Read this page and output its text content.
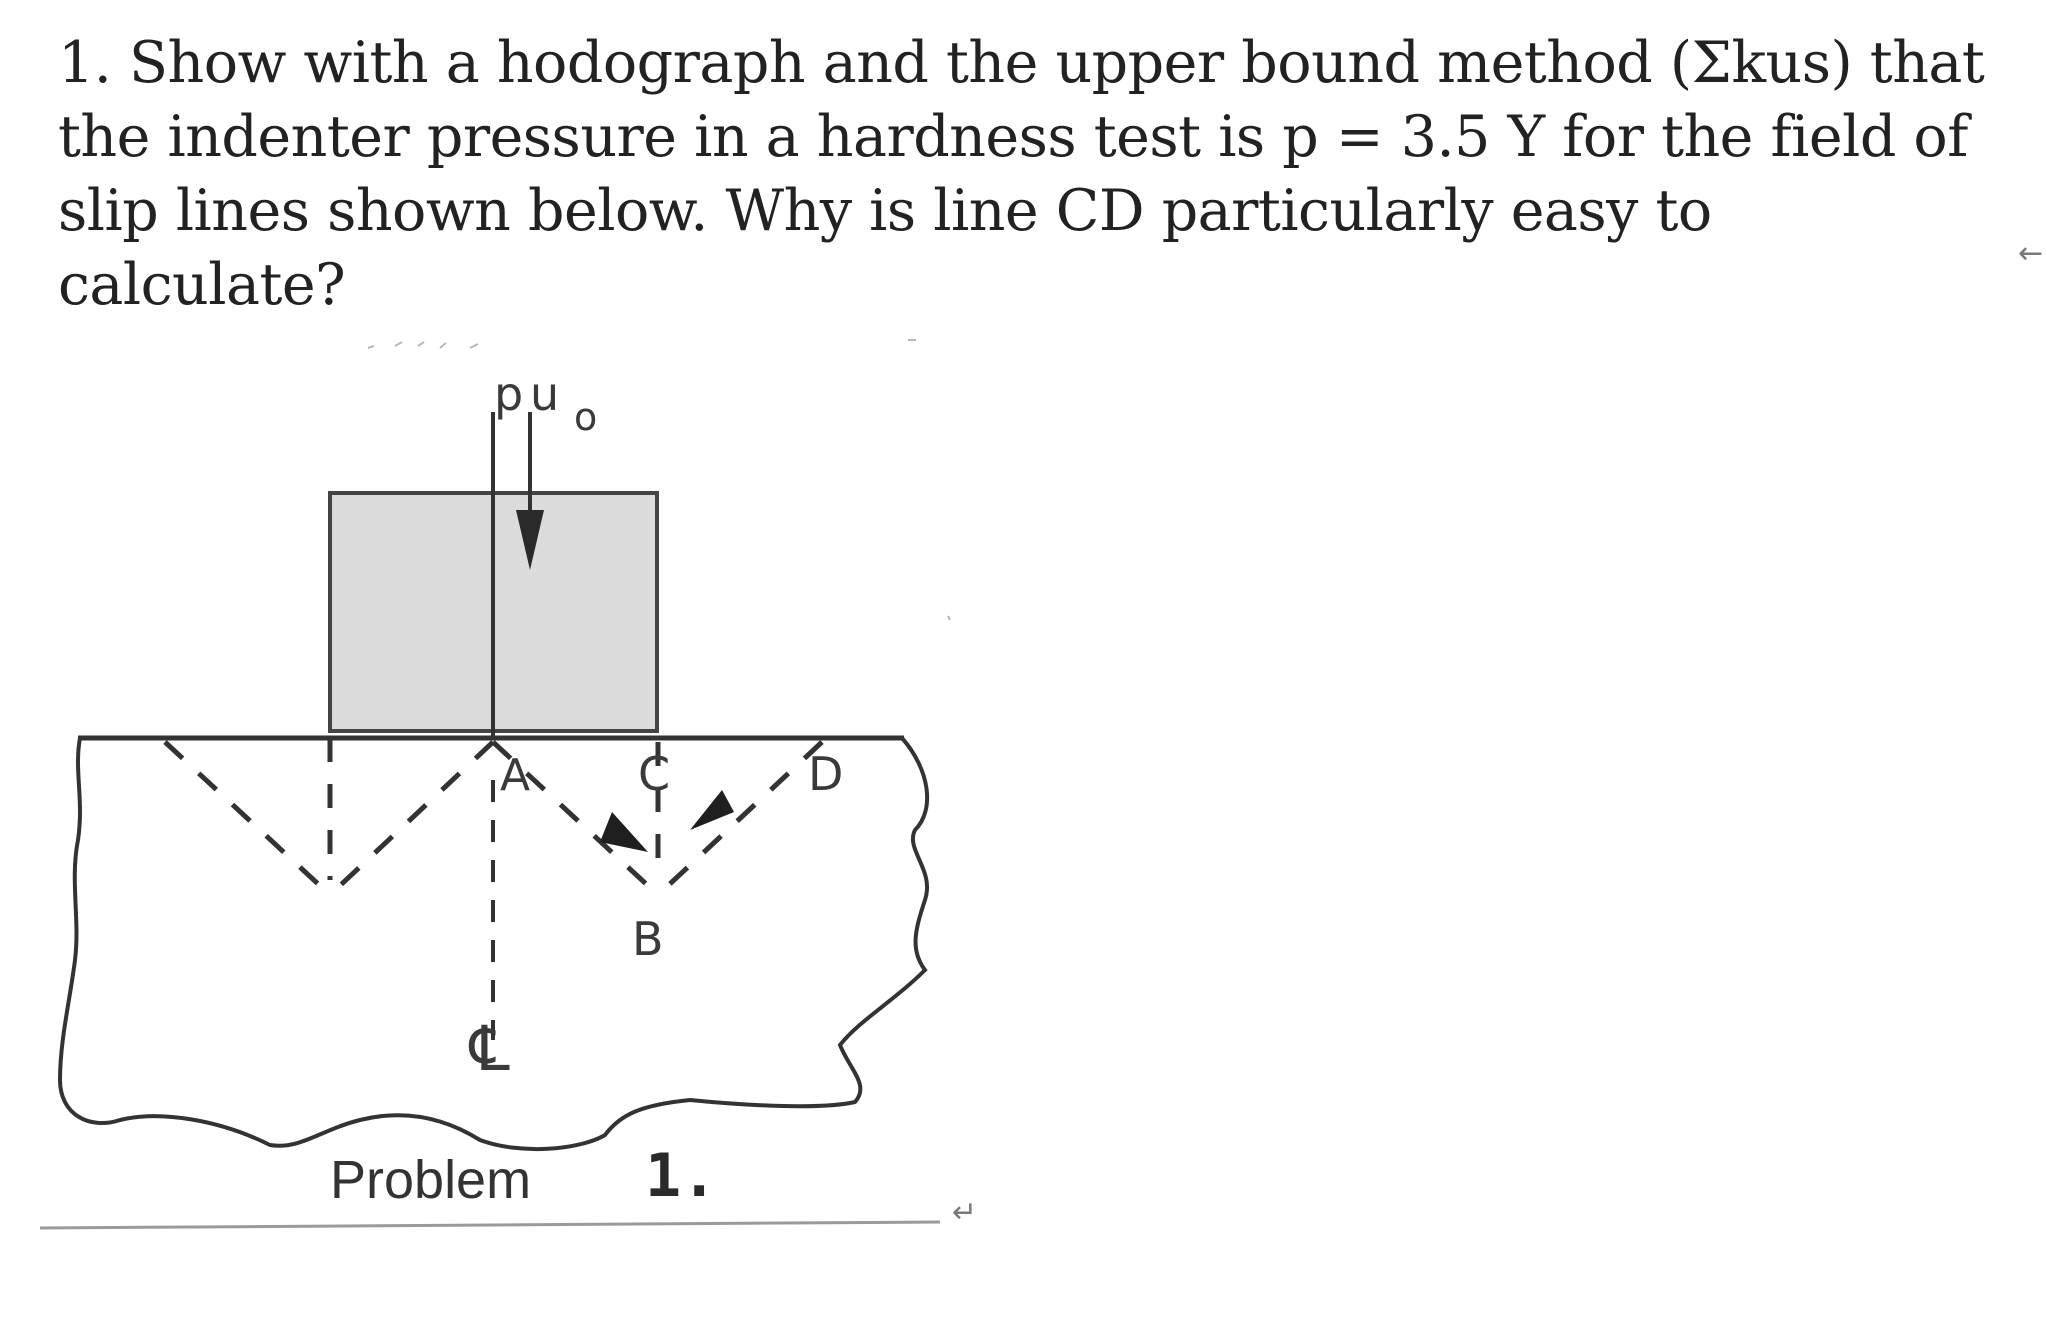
1. Show with a hodograph and the upper bound method (Σkus) that the indenter pressure in a hardness test is p = 3.5 Y for the field of slip lines shown below. Why is line CD particularly easy to calculate?	←
p u o
A
B
C	D
℄
Problem 1.
↵
